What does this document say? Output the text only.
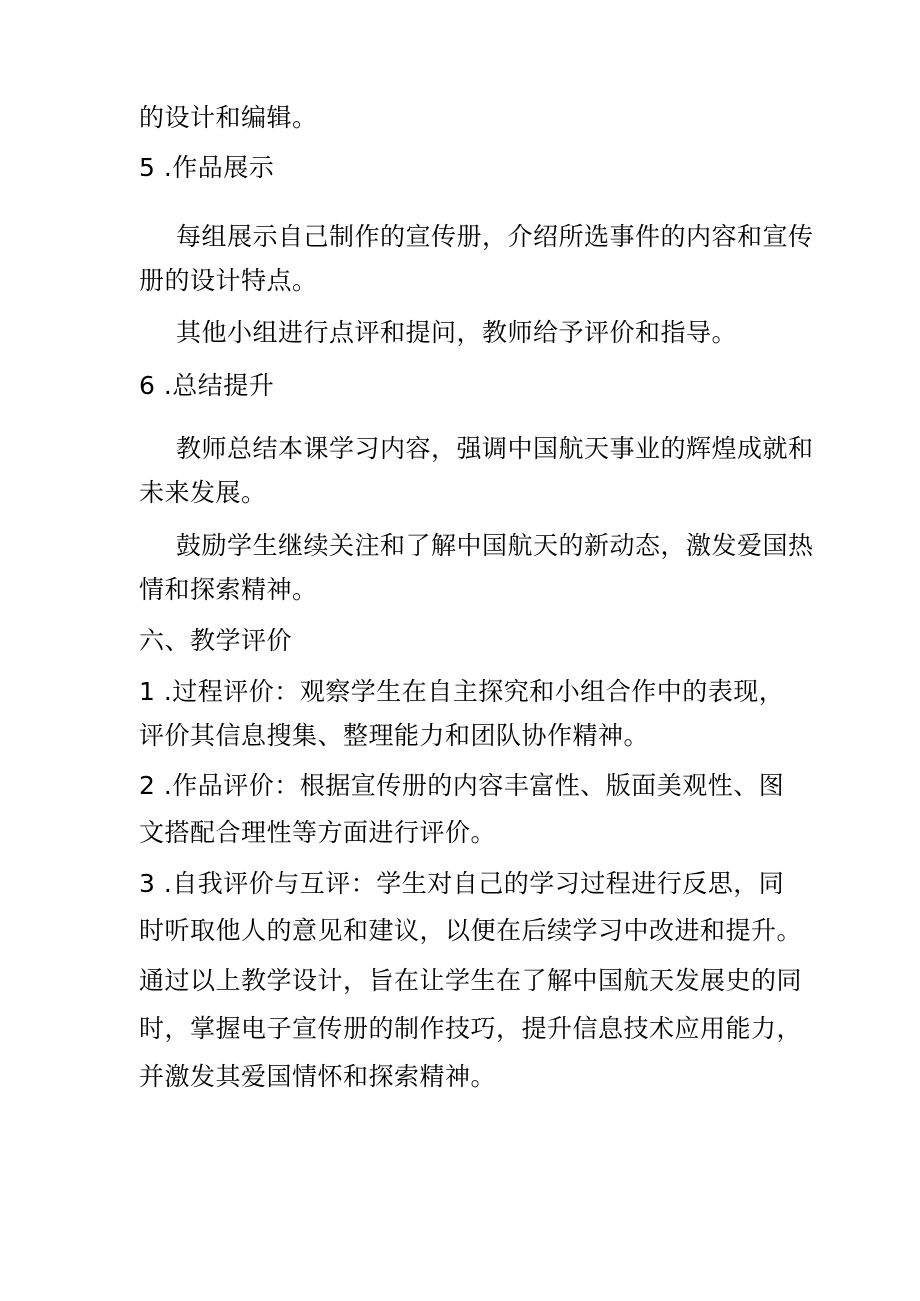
的设计和编辑。
5 .作品展示
每组展示自己制作的宣传册，介绍所选事件的内容和宣传
册的设计特点。
其他小组进行点评和提问，教师给予评价和指导。
6 .总结提升
教师总结本课学习内容，强调中国航天事业的辉煌成就和
未来发展。
鼓励学生继续关注和了解中国航天的新动态，激发爱国热
情和探索精神。
六、教学评价
1 .过程评价：观察学生在自主探究和小组合作中的表现，
评价其信息搜集、整理能力和团队协作精神。
2 .作品评价：根据宣传册的内容丰富性、版面美观性、图
文搭配合理性等方面进行评价。
3 .自我评价与互评：学生对自己的学习过程进行反思，同
时听取他人的意见和建议，以便在后续学习中改进和提升。
通过以上教学设计，旨在让学生在了解中国航天发展史的同
时，掌握电子宣传册的制作技巧，提升信息技术应用能力，
并激发其爱国情怀和探索精神。
